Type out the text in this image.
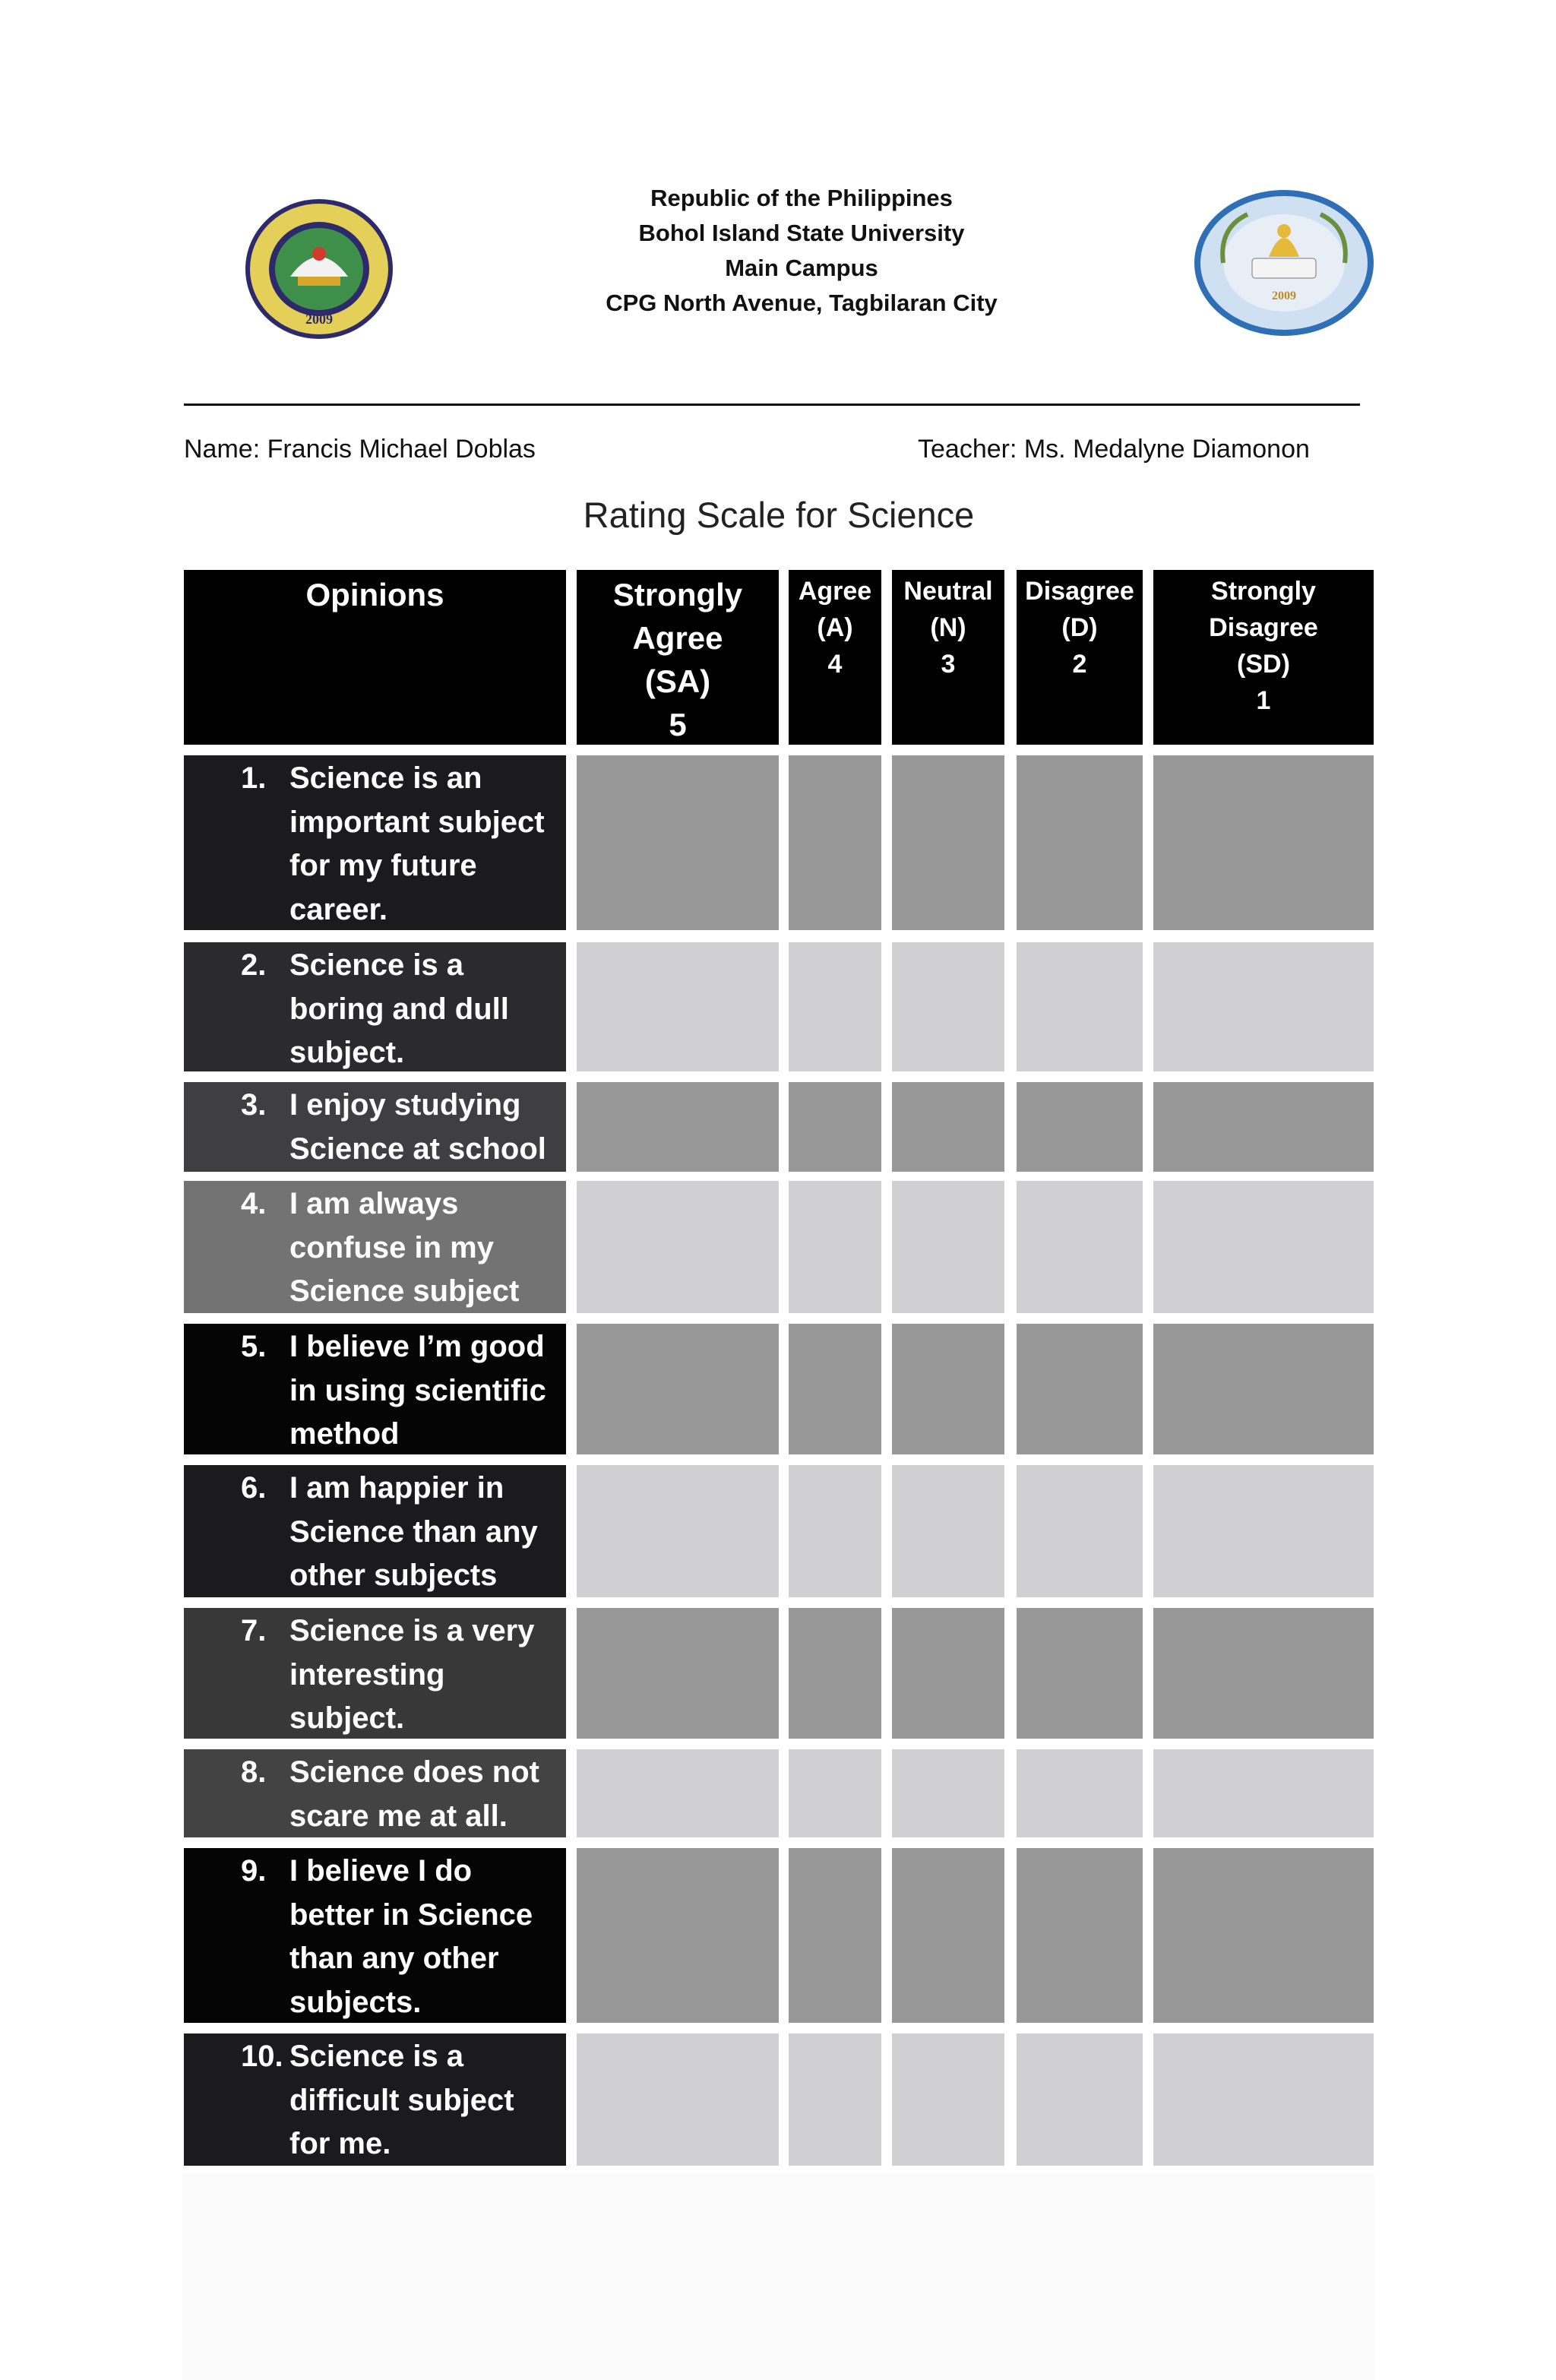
2009
2009
Republic of the Philippines
Bohol Island State University
Main Campus
CPG North Avenue, Tagbilaran City
Name: Francis Michael Doblas	Teacher: Ms. Medalyne Diamonon
Rating Scale for Science
Opinions	Strongly
Agree
(SA)
5
Agree
(A)
4
Neutral
(N)
3
Disagree
(D)
2
Strongly
Disagree
(SD)
1
1. Science is an
important subject
for my future
career.
2. Science is a
boring and dull
subject.
3. I enjoy studying
Science at school
4. I am always
confuse in my
Science subject
5. I believe I’m good
in using scientific
method
6. I am happier in
Science than any
other subjects
7. Science is a very
interesting
subject.
8. Science does not
scare me at all.
9. I believe I do
better in Science
than any other
subjects.
10. Science is a
difficult subject
for me.
